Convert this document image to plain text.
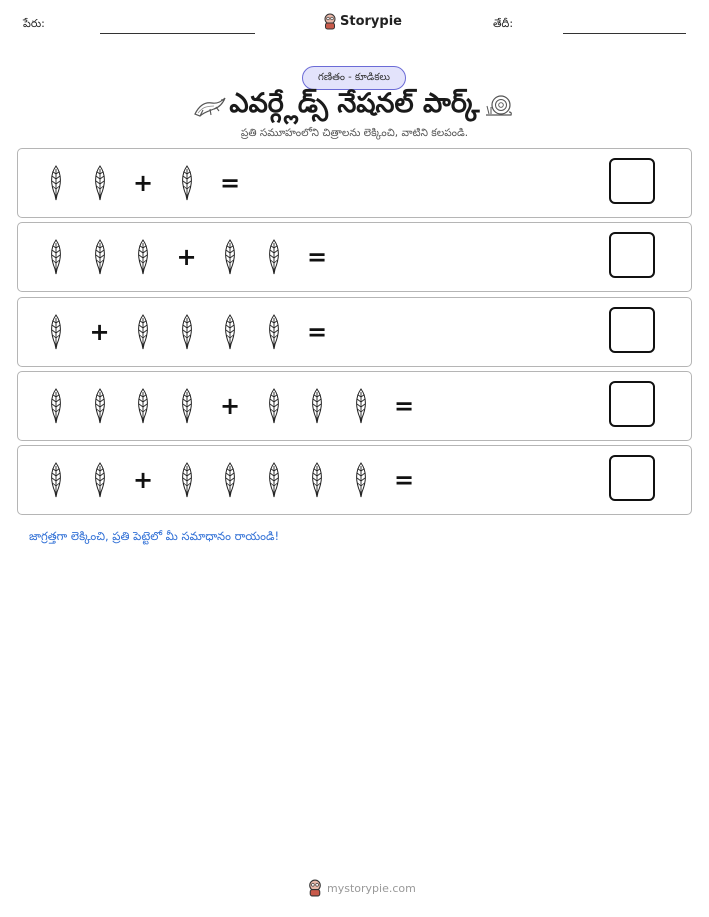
పేరు:	Storypie	తేదీ:
గణితం - కూడికలు
ఎవర్గ్లేడ్స్ నేషనల్ పార్క్
ప్రతి సమూహంలోని చిత్రాలను లెక్కించి, వాటిని కలపండి.
+	=
+	=
+	=
+	=
+	=
జాగ్రత్తగా లెక్కించి, ప్రతి పెట్టెలో మీ సమాధానం రాయండి!
mystorypie.com
